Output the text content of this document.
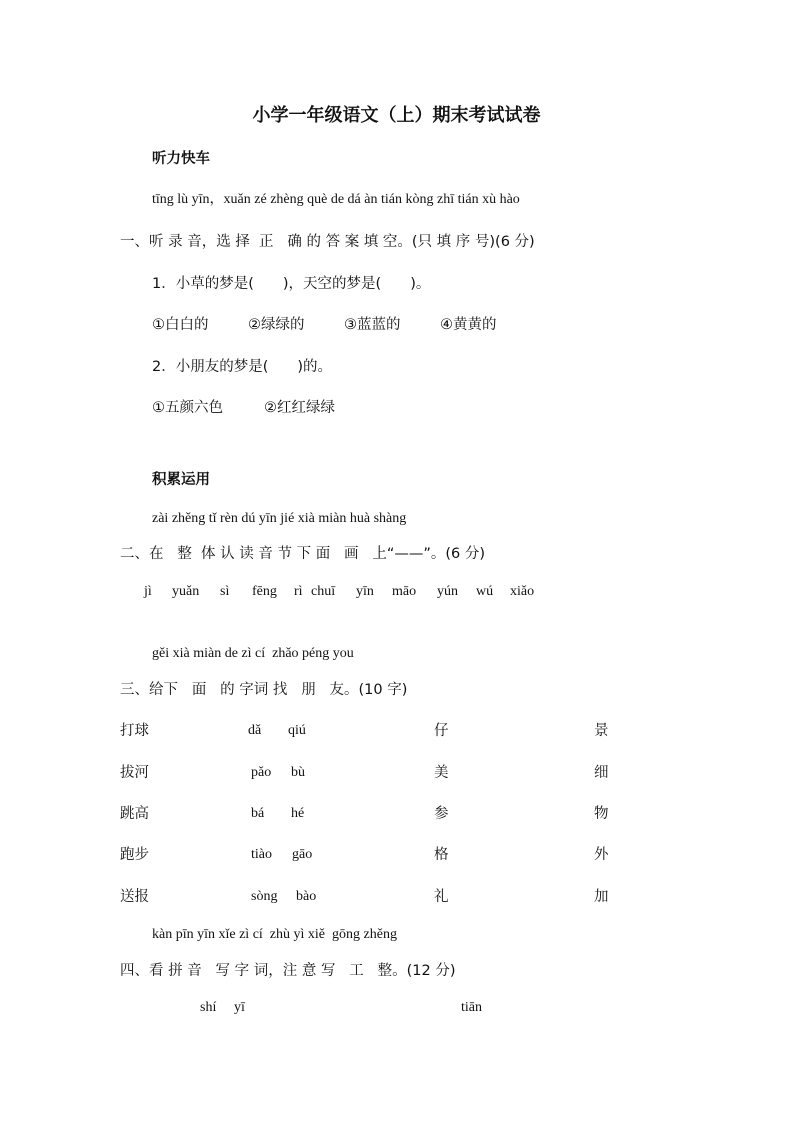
小学一年级语文（上）期末考试试卷
听力快车
tīng lù yīn，xuǎn zé zhèng què de dá àn tián kòng zhī tián xù hào
一、听 录 音，选 择  正   确 的 答 案 填 空。(只 填 序 号)(6 分)
1．小草的梦是(　　)，天空的梦是(　　)。
①白白的	②绿绿的	③蓝蓝的	④黄黄的
2．小朋友的梦是(　　)的。
①五颜六色	②红红绿绿
积累运用
zài zhěng tǐ rèn dú yīn jié xià miàn huà shàng
二、在   整  体 认 读 音 节 下 面   画   上“——”。(6 分)
jì yuǎn sì fēng rì chuī yīn māo yún wú xiǎo
gěi xià miàn de zì cí  zhǎo péng you
三、给下   面   的 字词 找   朋   友。(10 字)
打球	dǎ qiú	仔	景
拔河	pǎo bù	美	细
跳高	bá hé	参	物
跑步	tiào gāo	格	外
送报	sòng bào	礼	加
kàn pīn yīn xǐe zì cí  zhù yì xiě  gōng zhěng
四、看 拼 音   写 字 词，注 意 写   工   整。(12 分)
shí yī	tiān
